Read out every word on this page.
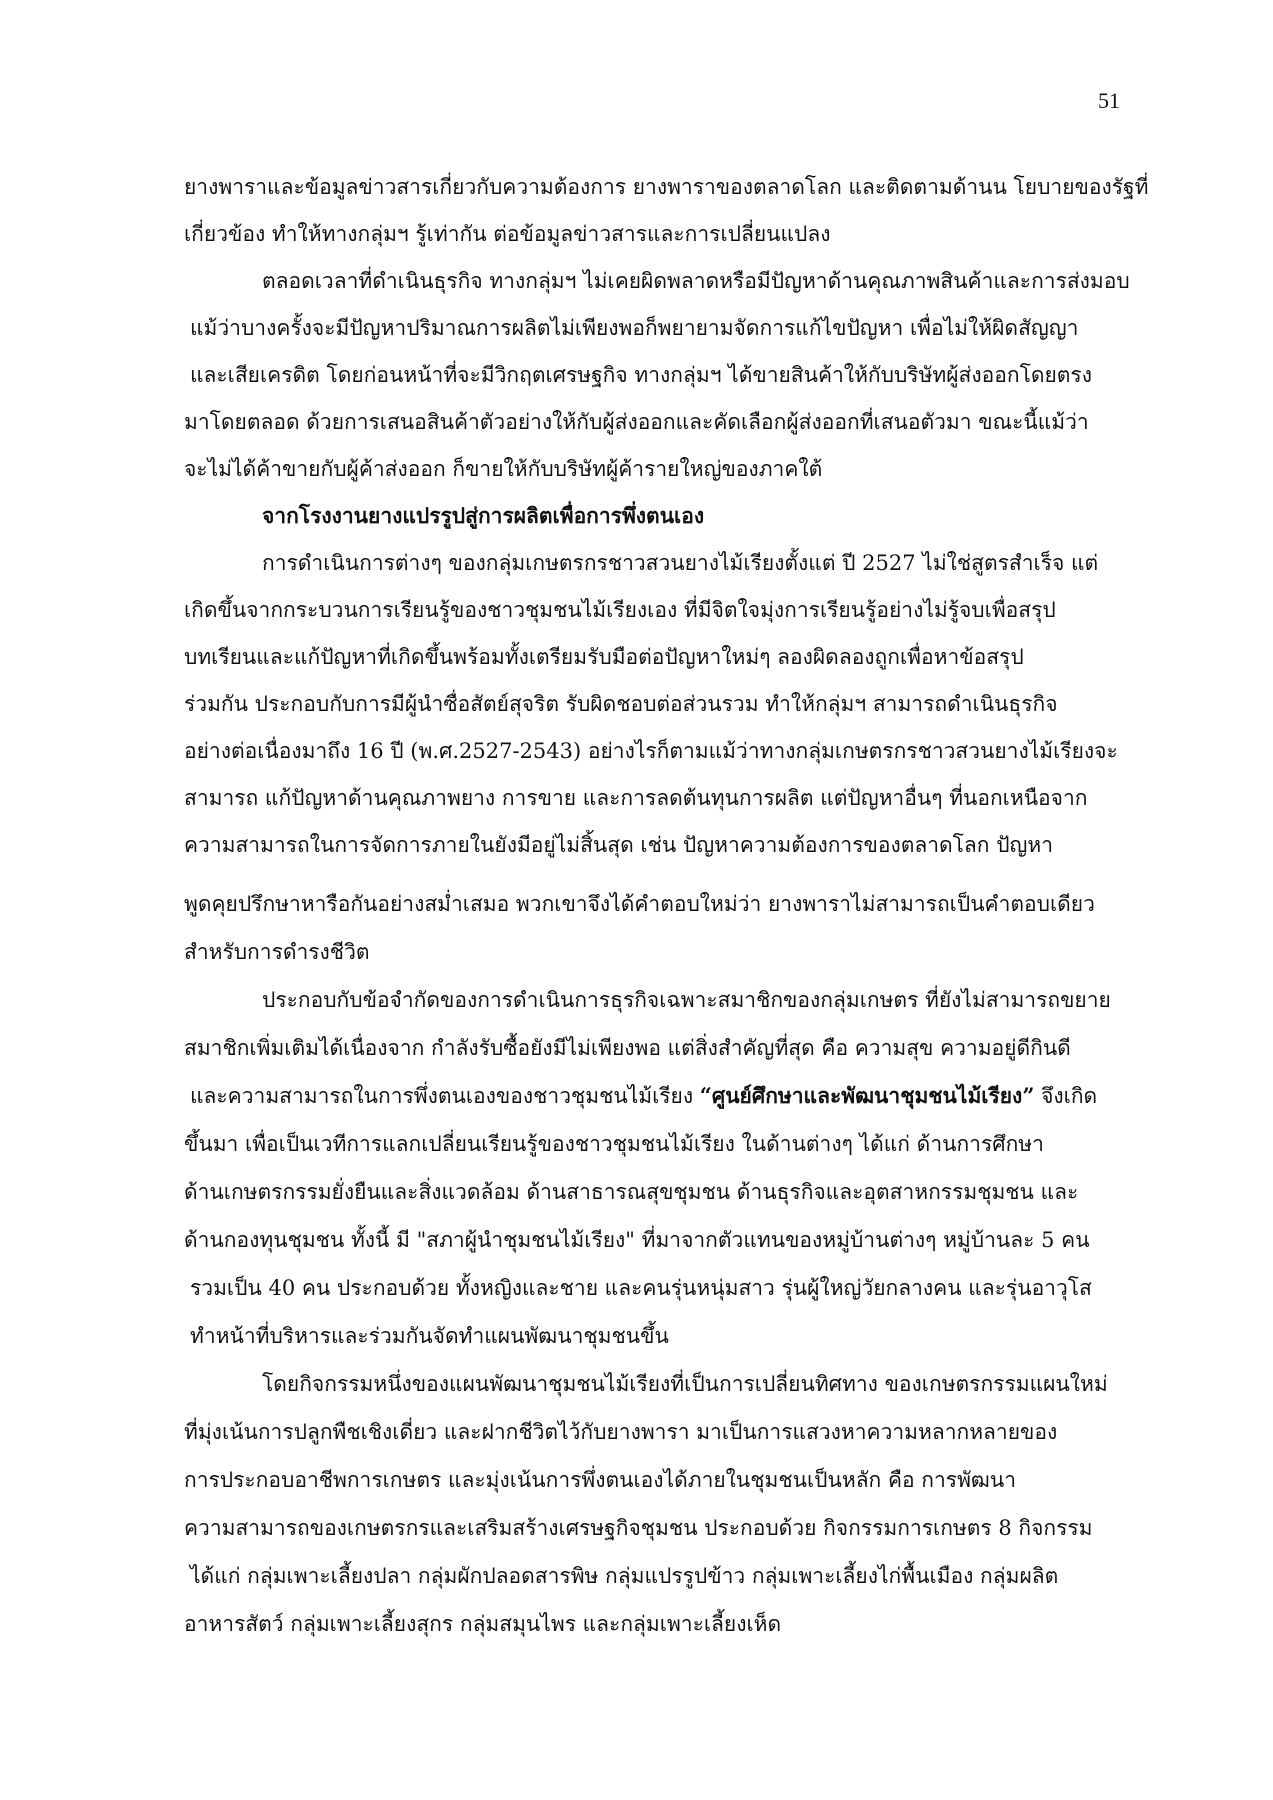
51
ยางพาราและข้อมูลข่าวสารเกี่ยวกับความต้องการ ยางพาราของตลาดโลก และติดตามด้านน โยบายของรัฐที่
เกี่ยวข้อง ทำให้ทางกลุ่มฯ รู้เท่ากัน ต่อข้อมูลข่าวสารและการเปลี่ยนแปลง
ตลอดเวลาที่ดำเนินธุรกิจ ทางกลุ่มฯ ไม่เคยผิดพลาดหรือมีปัญหาด้านคุณภาพสินค้าและการส่งมอบ
แม้ว่าบางครั้งจะมีปัญหาปริมาณการผลิตไม่เพียงพอก็พยายามจัดการแก้ไขปัญหา เพื่อไม่ให้ผิดสัญญา
และเสียเครดิต โดยก่อนหน้าที่จะมีวิกฤตเศรษฐกิจ ทางกลุ่มฯ ได้ขายสินค้าให้กับบริษัทผู้ส่งออกโดยตรง
มาโดยตลอด ด้วยการเสนอสินค้าตัวอย่างให้กับผู้ส่งออกและคัดเลือกผู้ส่งออกที่เสนอตัวมา ขณะนี้แม้ว่า
จะไม่ได้ค้าขายกับผู้ค้าส่งออก ก็ขายให้กับบริษัทผู้ค้ารายใหญ่ของภาคใต้
จากโรงงานยางแปรรูปสู่การผลิตเพื่อการพึ่งตนเอง
การดำเนินการต่างๆ ของกลุ่มเกษตรกรชาวสวนยางไม้เรียงตั้งแต่ ปี 2527 ไม่ใช่สูตรสำเร็จ แต่
เกิดขึ้นจากกระบวนการเรียนรู้ของชาวชุมชนไม้เรียงเอง ที่มีจิตใจมุ่งการเรียนรู้อย่างไม่รู้จบเพื่อสรุป
บทเรียนและแก้ปัญหาที่เกิดขึ้นพร้อมทั้งเตรียมรับมือต่อปัญหาใหม่ๆ ลองผิดลองถูกเพื่อหาข้อสรุป
ร่วมกัน ประกอบกับการมีผู้นำซื่อสัตย์สุจริต รับผิดชอบต่อส่วนรวม ทำให้กลุ่มฯ สามารถดำเนินธุรกิจ
อย่างต่อเนื่องมาถึง 16 ปี (พ.ศ.2527-2543) อย่างไรก็ตามแม้ว่าทางกลุ่มเกษตรกรชาวสวนยางไม้เรียงจะ
สามารถ แก้ปัญหาด้านคุณภาพยาง การขาย และการลดต้นทุนการผลิต แต่ปัญหาอื่นๆ ที่นอกเหนือจาก
ความสามารถในการจัดการภายในยังมีอยู่ไม่สิ้นสุด เช่น ปัญหาความต้องการของตลาดโลก ปัญหา
พูดคุยปรึกษาหารือกันอย่างสม่ำเสมอ พวกเขาจึงได้คำตอบใหม่ว่า ยางพาราไม่สามารถเป็นคำตอบเดียว
สำหรับการดำรงชีวิต
ประกอบกับข้อจำกัดของการดำเนินการธุรกิจเฉพาะสมาชิกของกลุ่มเกษตร ที่ยังไม่สามารถขยาย
สมาชิกเพิ่มเติมได้เนื่องจาก กำลังรับซื้อยังมีไม่เพียงพอ แต่สิ่งสำคัญที่สุด คือ ความสุข ความอยู่ดีกินดี
และความสามารถในการพึ่งตนเองของชาวชุมชนไม้เรียง “ศูนย์ศึกษาและพัฒนาชุมชนไม้เรียง” จึงเกิด
ขึ้นมา เพื่อเป็นเวทีการแลกเปลี่ยนเรียนรู้ของชาวชุมชนไม้เรียง ในด้านต่างๆ ได้แก่ ด้านการศึกษา
ด้านเกษตรกรรมยั่งยืนและสิ่งแวดล้อม ด้านสาธารณสุขชุมชน ด้านธุรกิจและอุตสาหกรรมชุมชน และ
ด้านกองทุนชุมชน ทั้งนี้ มี "สภาผู้นำชุมชนไม้เรียง" ที่มาจากตัวแทนของหมู่บ้านต่างๆ หมู่บ้านละ 5 คน
รวมเป็น 40 คน ประกอบด้วย ทั้งหญิงและชาย และคนรุ่นหนุ่มสาว รุ่นผู้ใหญ่วัยกลางคน และรุ่นอาวุโส
ทำหน้าที่บริหารและร่วมกันจัดทำแผนพัฒนาชุมชนขึ้น
โดยกิจกรรมหนึ่งของแผนพัฒนาชุมชนไม้เรียงที่เป็นการเปลี่ยนทิศทาง ของเกษตรกรรมแผนใหม่
ที่มุ่งเน้นการปลูกพืชเชิงเดี่ยว และฝากชีวิตไว้กับยางพารา มาเป็นการแสวงหาความหลากหลายของ
การประกอบอาชีพการเกษตร และมุ่งเน้นการพึ่งตนเองได้ภายในชุมชนเป็นหลัก คือ การพัฒนา
ความสามารถของเกษตรกรและเสริมสร้างเศรษฐกิจชุมชน ประกอบด้วย กิจกรรมการเกษตร 8 กิจกรรม
ได้แก่ กลุ่มเพาะเลี้ยงปลา กลุ่มผักปลอดสารพิษ กลุ่มแปรรูปข้าว กลุ่มเพาะเลี้ยงไก่พื้นเมือง กลุ่มผลิต
อาหารสัตว์ กลุ่มเพาะเลี้ยงสุกร กลุ่มสมุนไพร และกลุ่มเพาะเลี้ยงเห็ด
